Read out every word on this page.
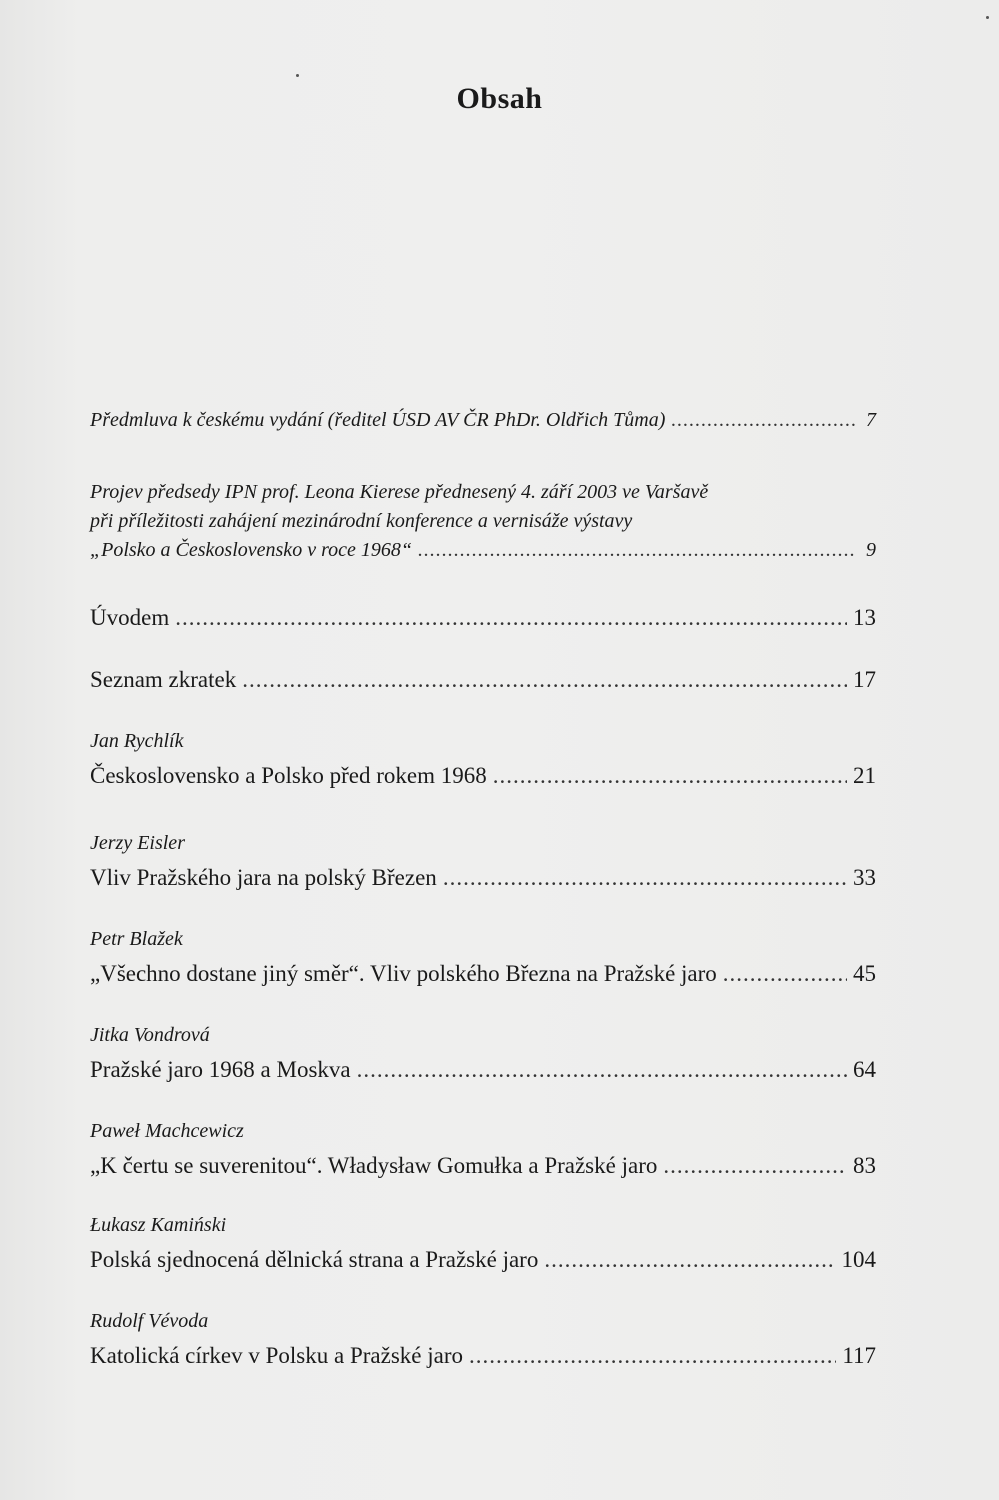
Obsah
Předmluva k českému vydání (ředitel ÚSD AV ČR PhDr. Oldřich Tůma) .....	7
Projev předsedy IPN prof. Leona Kierese přednesený 4. září 2003 ve Varšavě
při příležitosti zahájení mezinárodní konference a vernisáže výstavy
„Polsko a Československo v roce 1968“ .....	9
Úvodem .....	13
Seznam zkratek .....	17
Jan Rychlík
Československo a Polsko před rokem 1968 .....	21
Jerzy Eisler
Vliv Pražského jara na polský Březen .....	33
Petr Blažek
„Všechno dostane jiný směr“. Vliv polského Března na Pražské jaro .....	45
Jitka Vondrová
Pražské jaro 1968 a Moskva .....	64
Paweł Machcewicz
„K čertu se suverenitou“. Władysław Gomułka a Pražské jaro .....	83
Łukasz Kamiński
Polská sjednocená dělnická strana a Pražské jaro .....	104
Rudolf Vévoda
Katolická církev v Polsku a Pražské jaro .....	117
